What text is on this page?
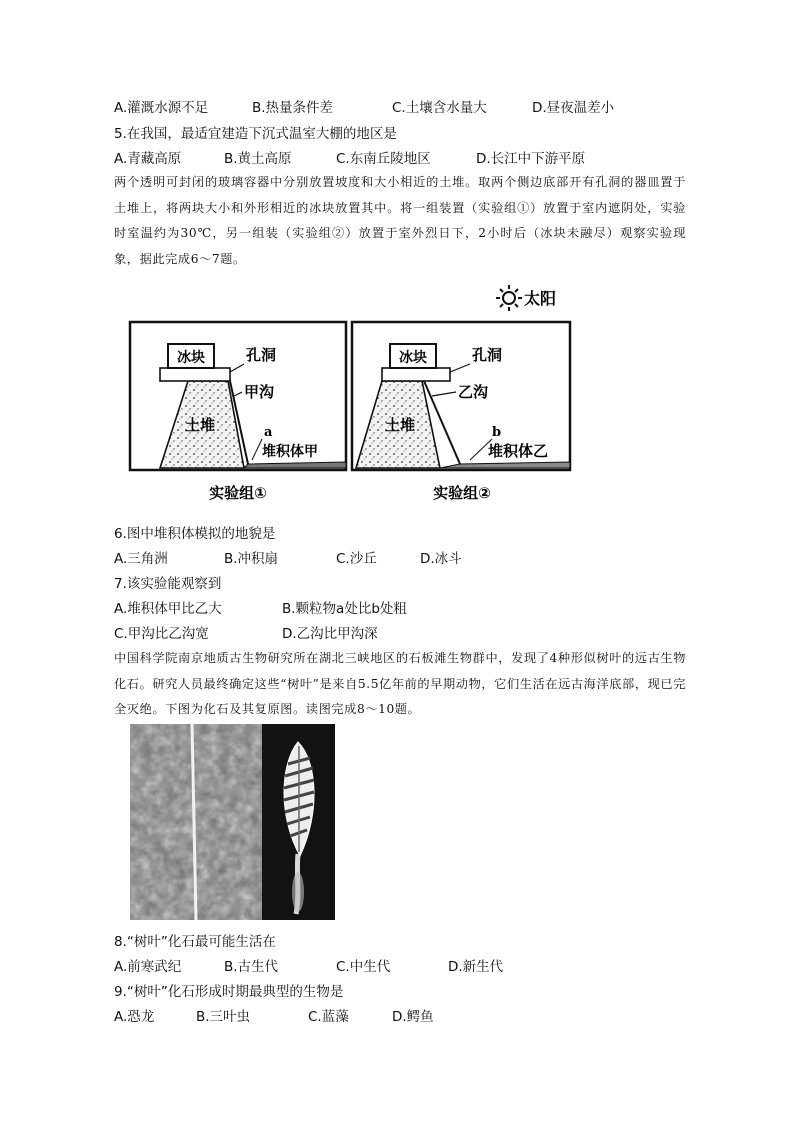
A.灌溉水源不足	B.热量条件差	C.土壤含水量大	D.昼夜温差小
5.在我国，最适宜建造下沉式温室大棚的地区是
A.青藏高原	B.黄土高原	C.东南丘陵地区	D.长江中下游平原
两个透明可封闭的玻璃容器中分别放置坡度和大小相近的土堆。取两个侧边底部开有孔洞的器皿置于土堆上，将两块大小和外形相近的冰块放置其中。将一组装置（实验组①）放置于室内遮阴处，实验时室温约为30℃，另一组装（实验组②）放置于室外烈日下，2小时后（冰块未融尽）观察实验现象，据此完成6～7题。
太阳
冰块	孔洞
甲沟
土堆	a
堆积体甲
实验组①
冰块	孔洞
乙沟
土堆	b
堆积体乙
实验组②
6.图中堆积体模拟的地貌是
A.三角洲	B.冲积扇	C.沙丘	D.冰斗
7.该实验能观察到
A.堆积体甲比乙大	B.颗粒物a处比b处粗
C.甲沟比乙沟宽	D.乙沟比甲沟深
中国科学院南京地质古生物研究所在湖北三峡地区的石板滩生物群中，发现了4种形似树叶的远古生物化石。研究人员最终确定这些“树叶”是来自5.5亿年前的早期动物，它们生活在远古海洋底部，现已完全灭绝。下图为化石及其复原图。读图完成8～10题。
8.“树叶”化石最可能生活在
A.前寒武纪	B.古生代	C.中生代	D.新生代
9.“树叶”化石形成时期最典型的生物是
A.恐龙	B.三叶虫	C.蓝藻	D.鳄鱼
